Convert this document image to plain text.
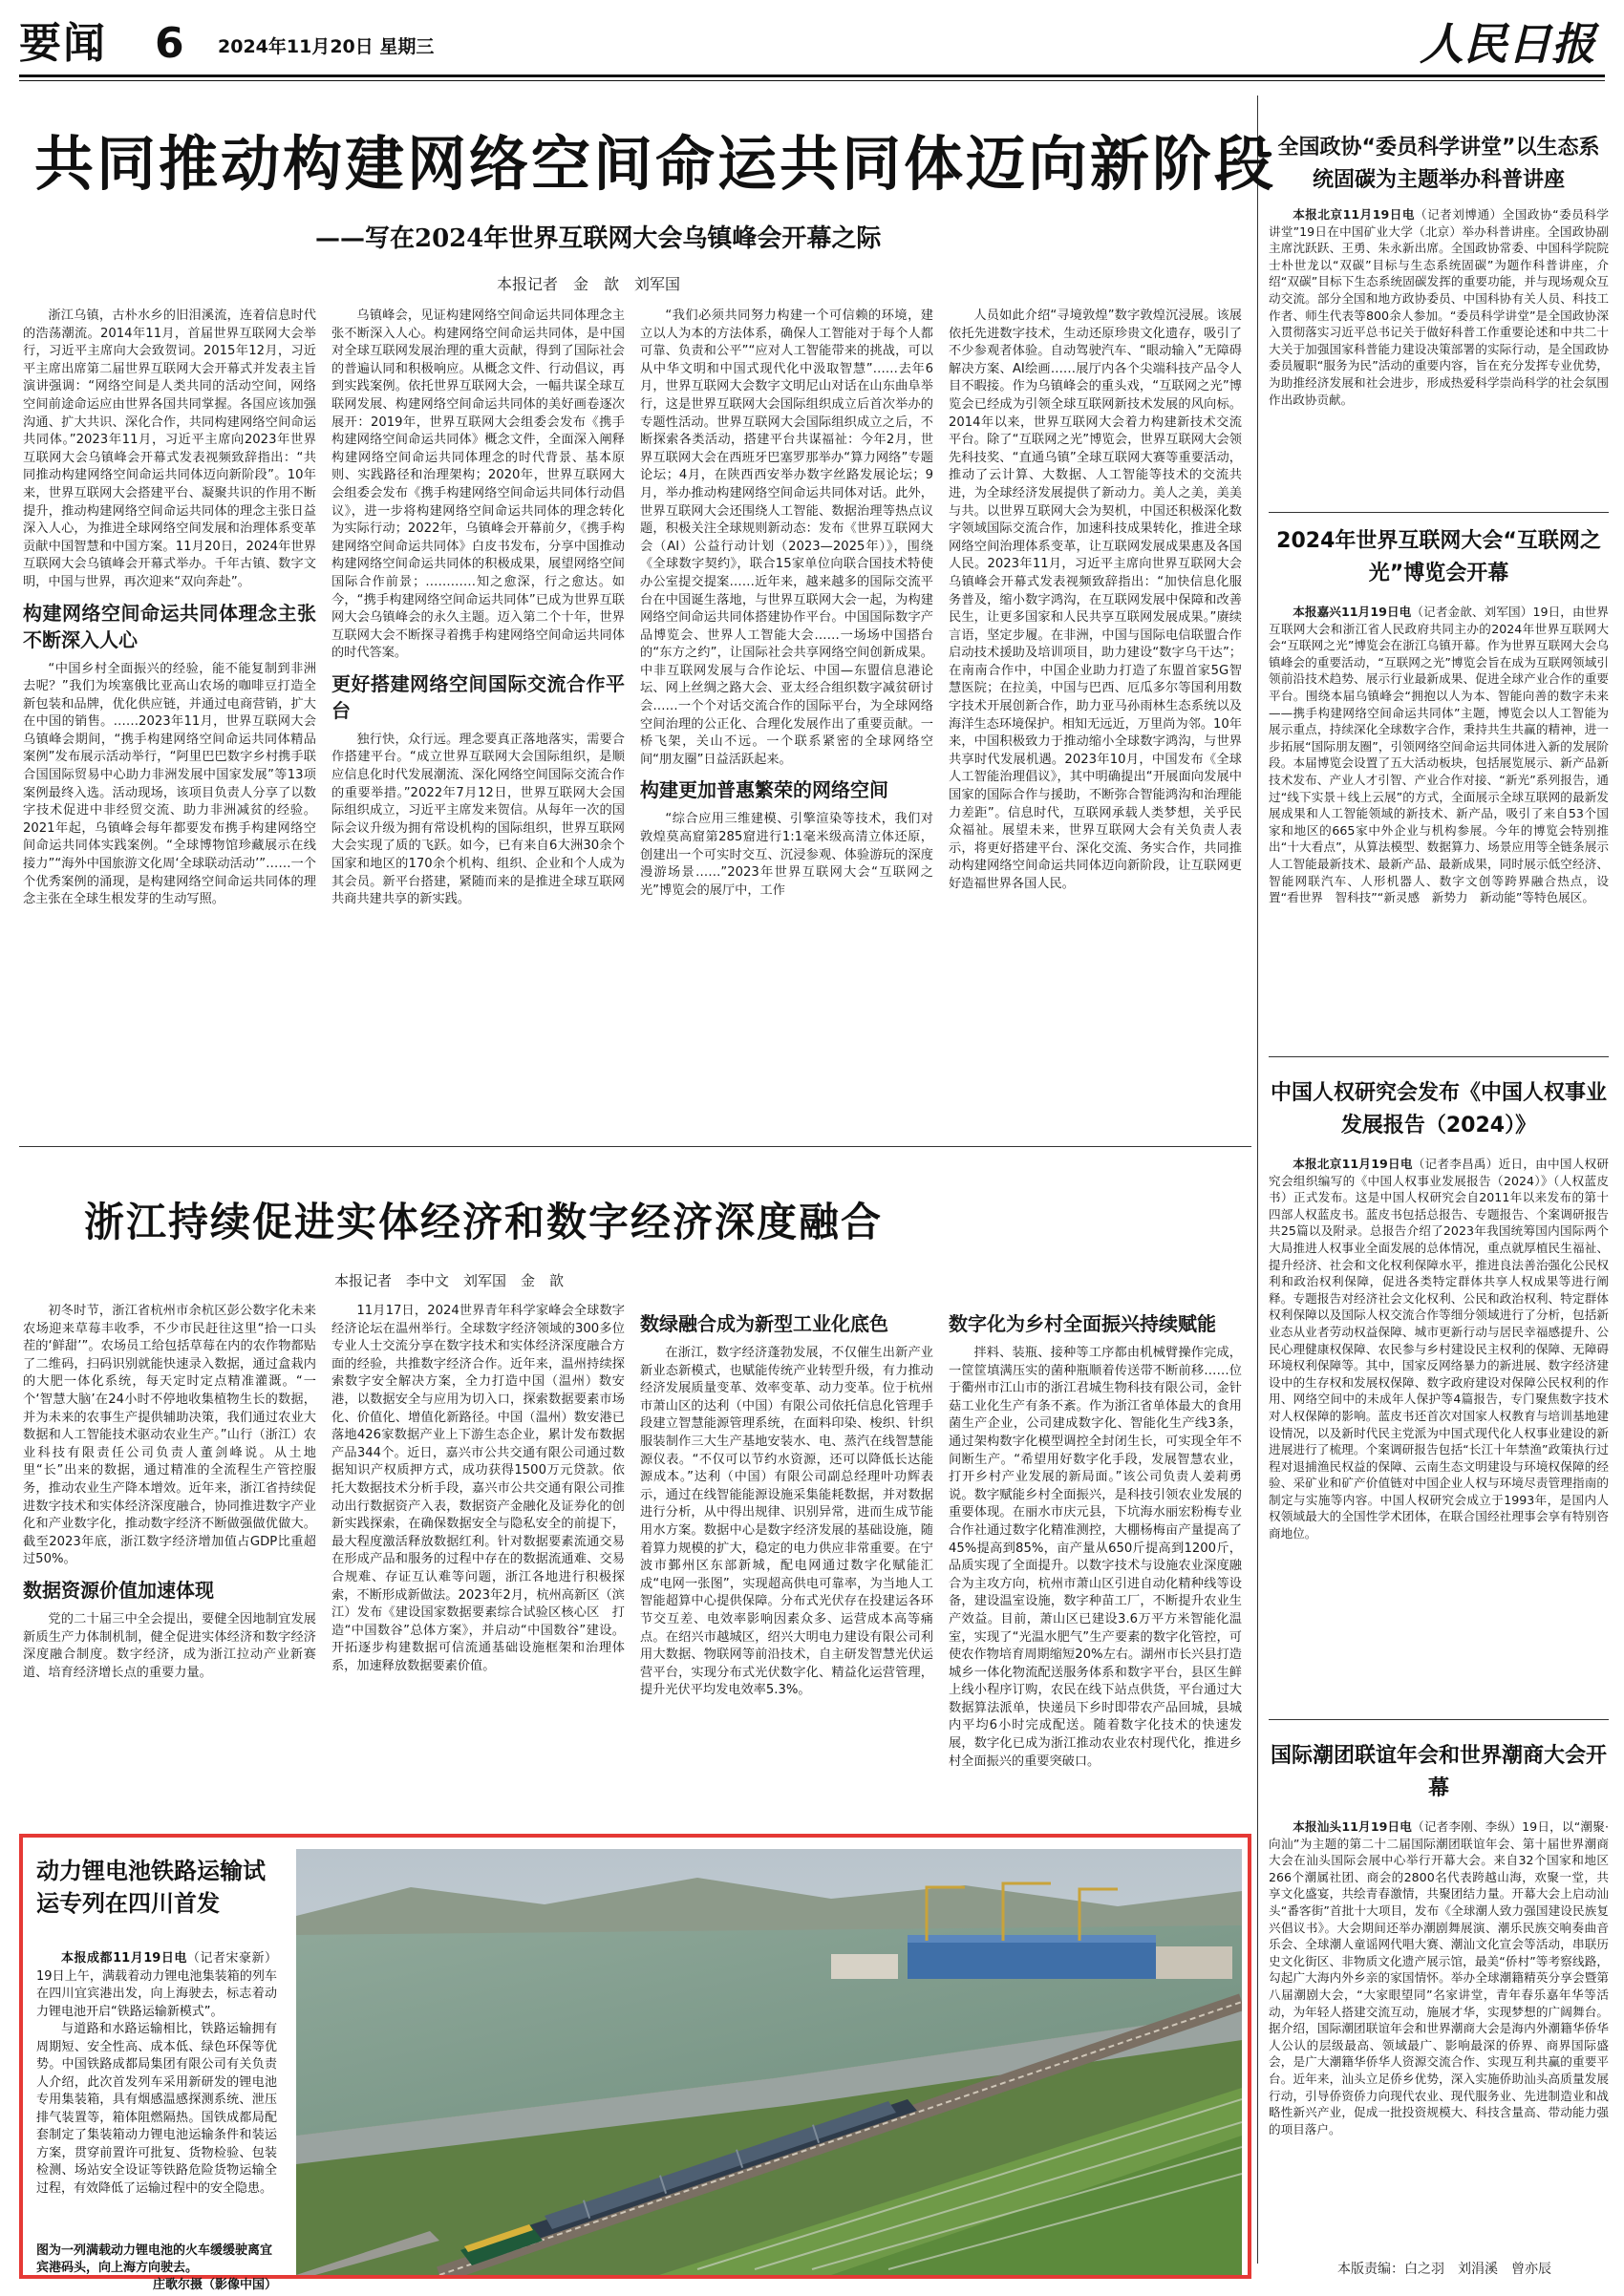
要闻 6 2024年11月20日 星期三	人民日报
共同推动构建网络空间命运共同体迈向新阶段
——写在2024年世界互联网大会乌镇峰会开幕之际
本报记者　金　歆　刘军国

浙江乌镇，古朴水乡的旧泪溪流，连着信息时代的浩荡潮流。2014年11月，首届世界互联网大会举行，习近平主席向大会致贺词。2015年12月，习近平主席出席第二届世界互联网大会开幕式并发表主旨演讲强调：“网络空间是人类共同的活动空间，网络空间前途命运应由世界各国共同掌握。各国应该加强沟通、扩大共识、深化合作，共同构建网络空间命运共同体。”2023年11月，习近平主席向2023年世界互联网大会乌镇峰会开幕式发表视频致辞指出：“共同推动构建网络空间命运共同体迈向新阶段”。10年来，世界互联网大会搭建平台、凝聚共识的作用不断提升，推动构建网络空间命运共同体的理念主张日益深入人心，为推进全球网络空间发展和治理体系变革贡献中国智慧和中国方案。11月20日，2024年世界互联网大会乌镇峰会开幕式举办。千年古镇、数字文明，中国与世界，再次迎来“双向奔赴”。

构建网络空间命运共同体理念主张不断深入人心

“中国乡村全面振兴的经验，能不能复制到非洲去呢？”我们为埃塞俄比亚高山农场的咖啡豆打造全新包装和品牌，优化供应链，并通过电商营销，扩大在中国的销售。……2023年11月，世界互联网大会乌镇峰会期间，“携手构建网络空间命运共同体精品案例”发布展示活动举行，“阿里巴巴数字乡村携手联合国国际贸易中心助力非洲发展中国家发展”等13项案例最终入选。活动现场，该项目负责人分享了以数字技术促进中非经贸交流、助力非洲减贫的经验。2021年起，乌镇峰会每年都要发布携手构建网络空间命运共同体实践案例。“全球博物馆珍藏展示在线接力”“海外中国旅游文化周‘全球联动活动’”……一个个优秀案例的涌现，是构建网络空间命运共同体的理念主张在全球生根发芽的生动写照。

乌镇峰会，见证构建网络空间命运共同体理念主张不断深入人心。构建网络空间命运共同体，是中国对全球互联网发展治理的重大贡献，得到了国际社会的普遍认同和积极响应。从概念文件、行动倡议，再到实践案例。依托世界互联网大会，一幅共谋全球互联网发展、构建网络空间命运共同体的美好画卷逐次展开：2019年，世界互联网大会组委会发布《携手构建网络空间命运共同体》概念文件，全面深入阐释构建网络空间命运共同体理念的时代背景、基本原则、实践路径和治理架构；2020年，世界互联网大会组委会发布《携手构建网络空间命运共同体行动倡议》，进一步将构建网络空间命运共同体的理念转化为实际行动；2022年，乌镇峰会开幕前夕，《携手构建网络空间命运共同体》白皮书发布，分享中国推动构建网络空间命运共同体的积极成果，展望网络空间国际合作前景；…………知之愈深，行之愈达。如今，“携手构建网络空间命运共同体”已成为世界互联网大会乌镇峰会的永久主题。迈入第二个十年，世界互联网大会不断探寻着携手构建网络空间命运共同体的时代答案。

更好搭建网络空间国际交流合作平台

独行快，众行远。理念要真正落地落实，需要合作搭建平台。“成立世界互联网大会国际组织，是顺应信息化时代发展潮流、深化网络空间国际交流合作的重要举措。”2022年7月12日，世界互联网大会国际组织成立，习近平主席发来贺信。从每年一次的国际会议升级为拥有常设机构的国际组织，世界互联网大会实现了质的飞跃。如今，已有来自6大洲30余个国家和地区的170余个机构、组织、企业和个人成为其会员。新平台搭建，紧随而来的是推进全球互联网共商共建共享的新实践。

“我们必须共同努力构建一个可信赖的环境，建立以人为本的方法体系，确保人工智能对于每个人都可靠、负责和公平”“应对人工智能带来的挑战，可以从中华文明和中国式现代化中汲取智慧”……去年6月，世界互联网大会数字文明尼山对话在山东曲阜举行，这是世界互联网大会国际组织成立后首次举办的专题性活动。世界互联网大会国际组织成立之后，不断探索各类活动，搭建平台共谋福祉：今年2月，世界互联网大会在西班牙巴塞罗那举办“算力网络”专题论坛；4月，在陕西西安举办数字丝路发展论坛；9月，举办推动构建网络空间命运共同体对话。此外，世界互联网大会还围绕人工智能、数据治理等热点议题，积极关注全球规则新动态：发布《世界互联网大会（AI）公益行动计划（2023—2025年）》，围绕《全球数字契约》，联合15家单位向联合国技术特使办公室提交提案……近年来，越来越多的国际交流平台在中国诞生落地，与世界互联网大会一起，为构建网络空间命运共同体搭建协作平台。中国国际数字产品博览会、世界人工智能大会……一场场中国搭台的“东方之约”，让国际社会共享网络空间创新成果。中非互联网发展与合作论坛、中国—东盟信息港论坛、网上丝绸之路大会、亚太经合组织数字减贫研讨会……一个个对话交流合作的国际平台，为全球网络空间治理的公正化、合理化发展作出了重要贡献。一桥飞架，关山不远。一个联系紧密的全球网络空间“朋友圈”日益活跃起来。

构建更加普惠繁荣的网络空间

“综合应用三维建模、引擎渲染等技术，我们对敦煌莫高窟第285窟进行1:1毫米级高清立体还原，创建出一个可实时交互、沉浸参观、体验游玩的深度漫游场景……”2023年世界互联网大会“互联网之光”博览会的展厅中，工作

人员如此介绍“寻境敦煌”数字敦煌沉浸展。该展依托先进数字技术，生动还原珍贵文化遗存，吸引了不少参观者体验。自动驾驶汽车、“眼动输入”无障碍解决方案、AI绘画……展厅内各个尖端科技产品令人目不暇接。作为乌镇峰会的重头戏，“互联网之光”博览会已经成为引领全球互联网新技术发展的风向标。2014年以来，世界互联网大会着力构建新技术交流平台。除了“互联网之光”博览会，世界互联网大会领先科技奖、“直通乌镇”全球互联网大赛等重要活动，推动了云计算、大数据、人工智能等技术的交流共进，为全球经济发展提供了新动力。美人之美，美美与共。以世界互联网大会为契机，中国还积极深化数字领域国际交流合作，加速科技成果转化，推进全球网络空间治理体系变革，让互联网发展成果惠及各国人民。2023年11月，习近平主席向世界互联网大会乌镇峰会开幕式发表视频致辞指出：“加快信息化服务普及，缩小数字鸿沟，在互联网发展中保障和改善民生，让更多国家和人民共享互联网发展成果。”赓续言语，坚定步履。在非洲，中国与国际电信联盟合作启动技术援助及培训项目，助力建设“数字乌干达”；在南南合作中，中国企业助力打造了东盟首家5G智慧医院；在拉美，中国与巴西、厄瓜多尔等国利用数字技术开展创新合作，助力亚马孙雨林生态系统以及海洋生态环境保护。相知无远近，万里尚为邻。10年来，中国积极致力于推动缩小全球数字鸿沟，与世界共享时代发展机遇。2023年10月，中国发布《全球人工智能治理倡议》，其中明确提出“开展面向发展中国家的国际合作与援助，不断弥合智能鸿沟和治理能力差距”。信息时代，互联网承载人类梦想，关乎民众福祉。展望未来，世界互联网大会有关负责人表示，将更好搭建平台、深化交流、务实合作，共同推动构建网络空间命运共同体迈向新阶段，让互联网更好造福世界各国人民。

浙江持续促进实体经济和数字经济深度融合
本报记者　李中文　刘军国　金　歆

初冬时节，浙江省杭州市余杭区彭公数字化未来农场迎来草莓丰收季，不少市民赶往这里“拾一口头茬的‘鲜甜’”。农场员工给包括草莓在内的农作物都贴了二维码，扫码识别就能快速录入数据，通过盒栽内的大肥一体化系统，每天定时定点精准灌溉。“一个‘智慧大脑’在24小时不停地收集植物生长的数据，并为未来的农事生产提供辅助决策，我们通过农业大数据和人工智能技术驱动农业生产。”山行（浙江）农业科技有限责任公司负责人董剑峰说。从土地里“长”出来的数据，通过精准的全流程生产管控服务，推动农业生产降本增效。近年来，浙江省持续促进数字技术和实体经济深度融合，协同推进数字产业化和产业数字化，推动数字经济不断做强做优做大。截至2023年底，浙江数字经济增加值占GDP比重超过50%。

数据资源价值加速体现

党的二十届三中全会提出，要健全因地制宜发展新质生产力体制机制，健全促进实体经济和数字经济深度融合制度。数字经济，成为浙江拉动产业新赛道、培育经济增长点的重要力量。

11月17日，2024世界青年科学家峰会全球数字经济论坛在温州举行。全球数字经济领域的300多位专业人士交流分享在数字技术和实体经济深度融合方面的经验，共推数字经济合作。近年来，温州持续探索数字安全解决方案，全力打造中国（温州）数安港，以数据安全与应用为切入口，探索数据要素市场化、价值化、增值化新路径。中国（温州）数安港已落地426家数据产业上下游生态企业，累计发布数据产品344个。近日，嘉兴市公共交通有限公司通过数据知识产权质押方式，成功获得1500万元贷款。依托大数据技术分析手段，嘉兴市公共交通有限公司推动出行数据资产入表，数据资产金融化及证券化的创新实践探索，在确保数据安全与隐私安全的前提下，最大程度激活释放数据红利。针对数据要素流通交易在形成产品和服务的过程中存在的数据流通难、交易合规难、存证互认难等问题，浙江各地进行积极探索，不断形成新做法。2023年2月，杭州高新区（滨江）发布《建设国家数据要素综合试验区核心区　打造“中国数谷”总体方案》，并启动“中国数谷”建设。开拓逐步构建数据可信流通基础设施框架和治理体系，加速释放数据要素价值。

数绿融合成为新型工业化底色

在浙江，数字经济蓬勃发展，不仅催生出新产业新业态新模式，也赋能传统产业转型升级，有力推动经济发展质量变革、效率变革、动力变革。位于杭州市萧山区的达利（中国）有限公司依托信息化管理手段建立智慧能源管理系统，在面料印染、梭织、针织服装制作三大生产基地安装水、电、蒸汽在线智慧能源仪表。“不仅可以节约水资源，还可以降低长达能源成本。”达利（中国）有限公司副总经理叶功辉表示，通过在线智能能源设施采集能耗数据，并对数据进行分析，从中得出规律、识别异常，进而生成节能用水方案。数据中心是数字经济发展的基础设施，随着算力规模的扩大，稳定的电力供应非常重要。在宁波市鄞州区东部新城，配电网通过数字化赋能汇成“电网一张图”，实现超高供电可靠率，为当地人工智能超算中心提供保障。分布式光伏存在投建运各环节交互差、电效率影响因素众多、运营成本高等痛点。在绍兴市越城区，绍兴大明电力建设有限公司利用大数据、物联网等前沿技术，自主研发智慧光伏运营平台，实现分布式光伏数字化、精益化运营管理，提升光伏平均发电效率5.3%。

数字化为乡村全面振兴持续赋能

拌料、装瓶、接种等工序都由机械臂操作完成，一筐筐填满压实的菌种瓶顺着传送带不断前移……位于衢州市江山市的浙江君城生物科技有限公司，金针菇工业化生产有条不紊。作为浙江省单体最大的食用菌生产企业，公司建成数字化、智能化生产线3条，通过架构数字化模型调控全封闭生长，可实现全年不间断生产。“希望用好数字化手段，发展智慧农业，打开乡村产业发展的新局面。”该公司负责人姜莉勇说。数字赋能乡村全面振兴，是科技引领农业发展的重要体现。在丽水市庆元县，下坑海水丽宏粉梅专业合作社通过数字化精准测控，大棚杨梅亩产量提高了45%提高到85%，亩产量从650斤提高到1200斤，品质实现了全面提升。以数字技术与设施农业深度融合为主攻方向，杭州市萧山区引进自动化精种线等设备，建设温室设施，数字种苗工厂，不断提升农业生产效益。目前，萧山区已建设3.6万平方米智能化温室，实现了“光温水肥气”生产要素的数字化管控，可使农作物培育周期缩短20%左右。湖州市长兴县打造城乡一体化物流配送服务体系和数字平台，县区生鲜上线小程序订购，农民在线下站点供货，平台通过大数据算法派单，快递员下乡时即带农产品回城，县城内平均6小时完成配送。随着数字化技术的快速发展，数字化已成为浙江推动农业农村现代化，推进乡村全面振兴的重要突破口。

动力锂电池铁路运输试运专列在四川首发

本报成都11月19日电（记者宋豪新）19日上午，满载着动力锂电池集装箱的列车在四川宜宾港出发，向上海驶去，标志着动力锂电池开启“铁路运输新模式”。

与道路和水路运输相比，铁路运输拥有周期短、安全性高、成本低、绿色环保等优势。中国铁路成都局集团有限公司有关负责人介绍，此次首发列车采用新研发的锂电池专用集装箱，具有烟感温感探测系统、泄压排气装置等，箱体阻燃隔热。国铁成都局配套制定了集装箱动力锂电池运输条件和装运方案，贯穿前置许可批复、货物检验、包装检测、场站安全设证等铁路危险货物运输全过程，有效降低了运输过程中的安全隐患。

图为一列满载动力锂电池的火车缓缓驶离宜宾港码头，向上海方向驶去。
庄歌尔摄（影像中国）
全国政协“委员科学讲堂”以生态系统固碳为主题举办科普讲座

本报北京11月19日电（记者刘博通）全国政协“委员科学讲堂”19日在中国矿业大学（北京）举办科普讲座。全国政协副主席沈跃跃、王勇、朱永新出席。全国政协常委、中国科学院院士朴世龙以“双碳”目标与生态系统固碳”为题作科普讲座，介绍“双碳”目标下生态系统固碳发挥的重要功能，并与现场观众互动交流。部分全国和地方政协委员、中国科协有关人员、科技工作者、师生代表等800余人参加。“委员科学讲堂”是全国政协深入贯彻落实习近平总书记关于做好科普工作重要论述和中共二十大关于加强国家科普能力建设决策部署的实际行动，是全国政协委员履职“服务为民”活动的重要内容，旨在充分发挥专业优势，为助推经济发展和社会进步，形成热爱科学崇尚科学的社会氛围作出政协贡献。

2024年世界互联网大会“互联网之光”博览会开幕

本报嘉兴11月19日电（记者金歆、刘军国）19日，由世界互联网大会和浙江省人民政府共同主办的2024年世界互联网大会“互联网之光”博览会在浙江乌镇开幕。作为世界互联网大会乌镇峰会的重要活动，“互联网之光”博览会旨在成为互联网领域引领前沿技术趋势、展示行业最新成果、促进全球产业合作的重要平台。围绕本届乌镇峰会“拥抱以人为本、智能向善的数字未来——携手构建网络空间命运共同体”主题，博览会以人工智能为展示重点，持续深化全球数字合作，秉持共生共赢的精神，进一步拓展“国际朋友圈”，引领网络空间命运共同体进入新的发展阶段。本届博览会设置了五大活动板块，包括展览展示、新产品新技术发布、产业人才引智、产业合作对接、“新光”系列报告，通过“线下实景＋线上云展”的方式，全面展示全球互联网的最新发展成果和人工智能领域的新技术、新产品，吸引了来自53个国家和地区的665家中外企业与机构参展。今年的博览会特别推出“十大看点”，从算法模型、数据算力、场景应用等全链条展示人工智能最新技术、最新产品、最新成果，同时展示低空经济、智能网联汽车、人形机器人、数字文创等跨界融合热点，设置“看世界　智科技”“新灵感　新势力　新动能”等特色展区。

中国人权研究会发布《中国人权事业发展报告（2024）》

本报北京11月19日电（记者李昌禹）近日，由中国人权研究会组织编写的《中国人权事业发展报告（2024）》（人权蓝皮书）正式发布。这是中国人权研究会自2011年以来发布的第十四部人权蓝皮书。蓝皮书包括总报告、专题报告、个案调研报告共25篇以及附录。总报告介绍了2023年我国统筹国内国际两个大局推进人权事业全面发展的总体情况，重点就厚植民生福祉、提升经济、社会和文化权利保障水平，推进良法善治强化公民权利和政治权利保障，促进各类特定群体共享人权成果等进行阐释。专题报告对经济社会文化权利、公民和政治权利、特定群体权利保障以及国际人权交流合作等细分领域进行了分析，包括新业态从业者劳动权益保障、城市更新行动与居民幸福感提升、公民心理健康权保障、农民参与乡村建设民主权利的保障、无障碍环境权利保障等。其中，国家反网络暴力的新进展、数字经济建设中的生存权和发展权保障、数字政府建设对保障公民权利的作用、网络空间中的未成年人保护等4篇报告，专门聚焦数字技术对人权保障的影响。蓝皮书还首次对国家人权教育与培训基地建设情况，以及新时代民主党派为中国式现代化人权事业建设的新进展进行了梳理。个案调研报告包括“长江十年禁渔”政策执行过程对退捕渔民权益的保障、云南生态文明建设与环境权保障的经验、采矿业和矿产价值链对中国企业人权与环境尽责管理指南的制定与实施等内容。中国人权研究会成立于1993年，是国内人权领域最大的全国性学术团体，在联合国经社理事会享有特别咨商地位。

国际潮团联谊年会和世界潮商大会开幕

本报汕头11月19日电（记者李刚、李纵）19日，以“潮聚·向汕”为主题的第二十二届国际潮团联谊年会、第十届世界潮商大会在汕头国际会展中心举行开幕大会。来自32个国家和地区266个潮属社团、商会的2800名代表跨越山海，欢聚一堂，共享文化盛宴，共绘青春激情，共聚团结力量。开幕大会上启动汕头“番客街”首批十大项目，发布《全球潮人致力强国建设民族复兴倡议书》。大会期间还举办潮剧舞展演、潮乐民族交响奏曲音乐会、全球潮人童谣网代唱大赛、潮汕文化宣会等活动，串联历史文化街区、非物质文化遗产展示馆，最美“侨村”等考察线路，勾起广大海内外乡亲的家国情怀。举办全球潮籍精英分享会暨第八届潮剧大会，“大家眼望同”名家讲堂，青年春乐嘉年华等活动，为年轻人搭建交流互动，施展才华，实现梦想的广阔舞台。据介绍，国际潮团联谊年会和世界潮商大会是海内外潮籍华侨华人公认的层级最高、领域最广、影响最深的侨界、商界国际盛会，是广大潮籍华侨华人资源交流合作、实现互利共赢的重要平台。近年来，汕头立足侨乡优势，深入实施侨助汕头高质量发展行动，引导侨资侨力向现代农业、现代服务业、先进制造业和战略性新兴产业，促成一批投资规模大、科技含量高、带动能力强的项目落户。

本版责编：白之羽　刘涓溪　曾亦辰
